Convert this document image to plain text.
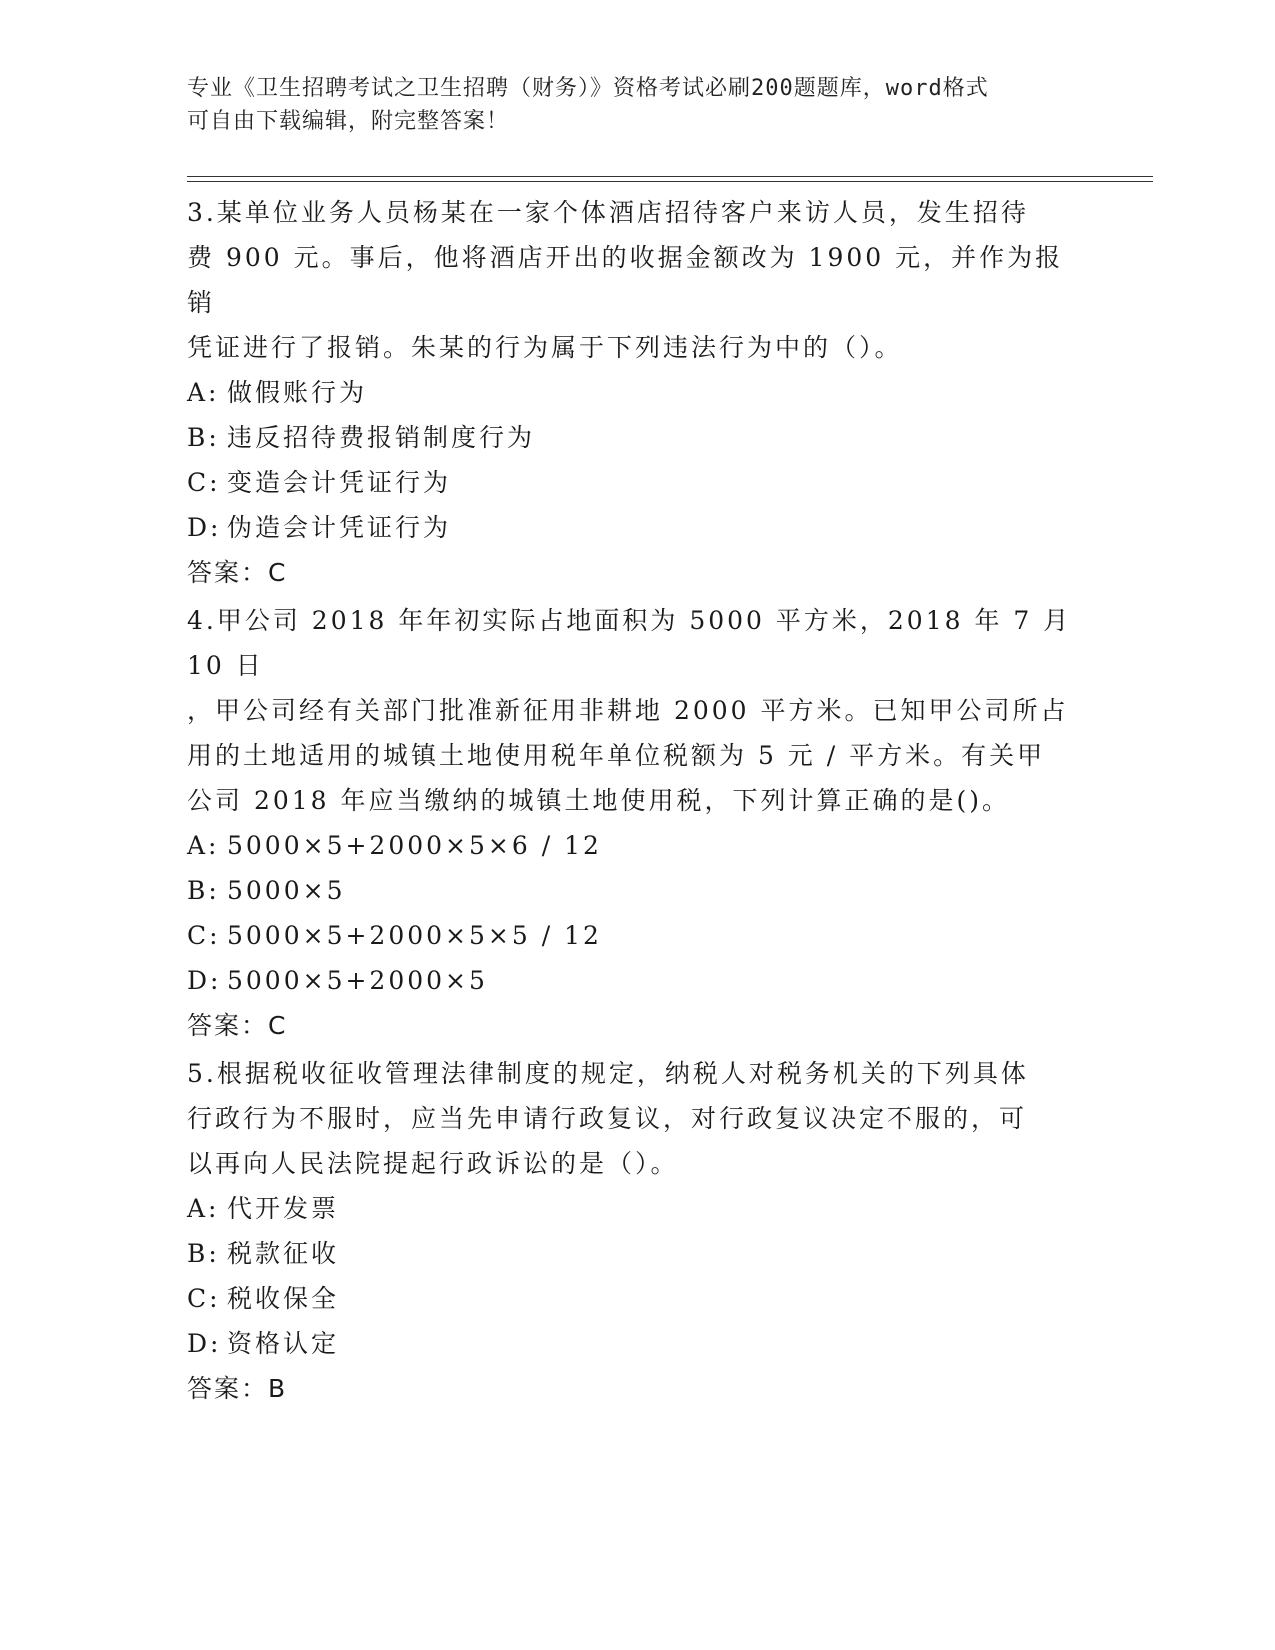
专业《卫生招聘考试之卫生招聘（财务）》资格考试必刷200题题库，word格式
可自由下载编辑，附完整答案！

3.某单位业务人员杨某在一家个体酒店招待客户来访人员，发生招待

费 900 元。事后，他将酒店开出的收据金额改为 1900 元，并作为报销

凭证进行了报销。朱某的行为属于下列违法行为中的（）。

A: 做假账行为

B: 违反招待费报销制度行为

C: 变造会计凭证行为

D: 伪造会计凭证行为

答案：C

4.甲公司 2018 年年初实际占地面积为 5000 平方米，2018 年 7 月 10 日

，甲公司经有关部门批准新征用非耕地 2000 平方米。已知甲公司所占

用的土地适用的城镇土地使用税年单位税额为 5 元 / 平方米。有关甲

公司 2018 年应当缴纳的城镇土地使用税，下列计算正确的是()。

A: 5000×5+2000×5×6 / 12

B: 5000×5

C: 5000×5+2000×5×5 / 12

D: 5000×5+2000×5

答案：C

5.根据税收征收管理法律制度的规定，纳税人对税务机关的下列具体

行政行为不服时，应当先申请行政复议，对行政复议决定不服的，可

以再向人民法院提起行政诉讼的是（）。

A: 代开发票

B: 税款征收

C: 税收保全

D: 资格认定

答案：B
